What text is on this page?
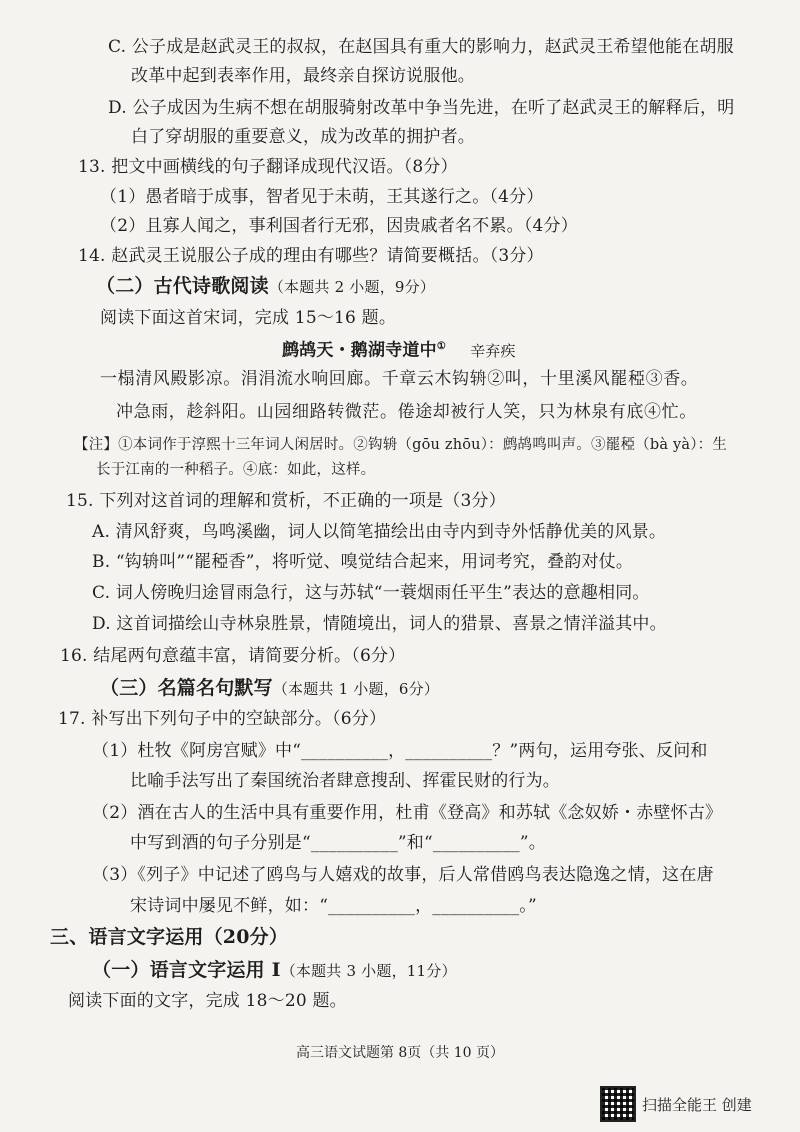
C. 公子成是赵武灵王的叔叔，在赵国具有重大的影响力，赵武灵王希望他能在胡服
改革中起到表率作用，最终亲自探访说服他。
D. 公子成因为生病不想在胡服骑射改革中争当先进，在听了赵武灵王的解释后，明
白了穿胡服的重要意义，成为改革的拥护者。
13. 把文中画横线的句子翻译成现代汉语。（8分）
（1）愚者暗于成事，智者见于未萌，王其遂行之。（4分）
（2）且寡人闻之，事利国者行无邪，因贵戚者名不累。（4分）
14. 赵武灵王说服公子成的理由有哪些？请简要概括。（3分）
阅读下面这首宋词，完成 15～16 题。
15. 下列对这首词的理解和赏析，不正确的一项是（3分）
A. 清风舒爽，鸟鸣溪幽，词人以简笔描绘出由寺内到寺外恬静优美的风景。
B. “钩辀叫”“罷稏香”，将听觉、嗅觉结合起来，用词考究，叠韵对仗。
C. 词人傍晚归途冒雨急行，这与苏轼“一蓑烟雨任平生”表达的意趣相同。
D. 这首词描绘山寺林泉胜景，情随境出，词人的猎景、喜景之情洋溢其中。
16. 结尾两句意蕴丰富，请简要分析。（6分）
17. 补写出下列句子中的空缺部分。（6分）
（1）杜牧《阿房宫赋》中“__________，__________？”两句，运用夸张、反问和
比喻手法写出了秦国统治者肆意搜刮、挥霍民财的行为。
（2）酒在古人的生活中具有重要作用，杜甫《登高》和苏轼《念奴娇・赤壁怀古》
中写到酒的句子分别是“__________”和“__________”。
（3）《列子》中记述了鸥鸟与人嬉戏的故事，后人常借鸥鸟表达隐逸之情，这在唐
宋诗词中屡见不鲜，如：“__________，__________。”
阅读下面的文字，完成 18～20 题。
（二）古代诗歌阅读（本题共 2 小题，9分）
（三）名篇名句默写（本题共 1 小题，6分）
三、语言文字运用（20分）
（一）语言文字运用 I（本题共 3 小题，11分）
鹧鸪天・鹅湖寺道中① 辛弃疾
一榻清风殿影凉。涓涓流水响回廊。千章云木钩辀②叫，十里溪风罷稏③香。
冲急雨，趁斜阳。山园细路转微茫。倦途却被行人笑，只为林泉有底④忙。
【注】①本词作于淳熙十三年词人闲居时。②钩辀（gōu zhōu）：鹧鸪鸣叫声。③罷稏（bà yà）：生
长于江南的一种稻子。④底：如此，这样。
高三语文试题第 8页（共 10 页）
扫描全能王 创建
